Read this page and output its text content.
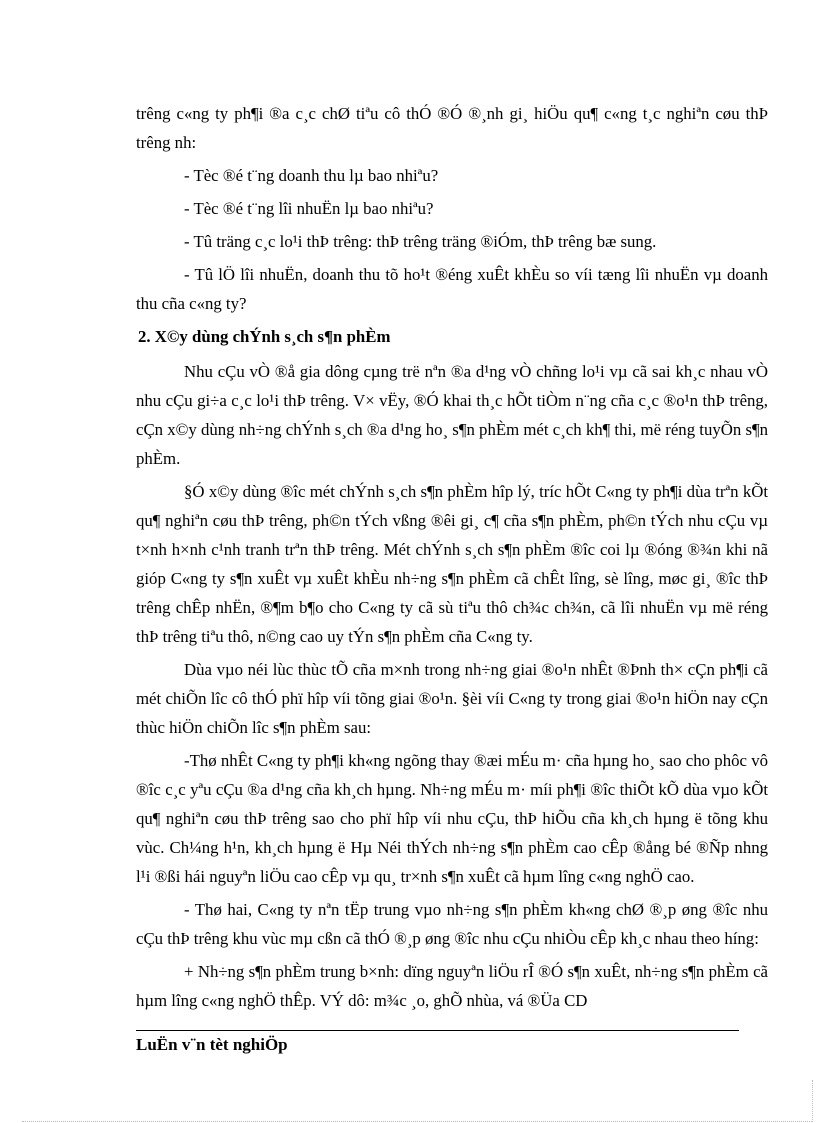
trêng c«ng ty ph¶i ®a c¸c chØ tiªu cô thÓ ®Ó ®¸nh gi¸ hiÖu qu¶ c«ng t¸c nghiªn cøu thÞ trêng nh:

- Tèc ®é t¨ng doanh thu lµ bao nhiªu?

- Tèc ®é t¨ng lîi nhuËn lµ bao nhiªu?

- Tû träng c¸c lo¹i thÞ trêng: thÞ trêng träng ®iÓm, thÞ trêng bæ sung.

- Tû lÖ lîi nhuËn, doanh thu tõ ho¹t ®éng xuÊt khÈu so víi tæng lîi nhuËn vµ doanh thu cña c«ng ty?

2. X©y dùng chÝnh s¸ch s¶n phÈm

Nhu cÇu vÒ ®å gia dông cµng trë nªn ®a d¹ng vÒ chñng lo¹i vµ cã sai kh¸c nhau vÒ nhu cÇu gi÷a c¸c lo¹i thÞ trêng. V× vËy, ®Ó khai th¸c hÕt tiÒm n¨ng cña c¸c ®o¹n thÞ trêng, cÇn x©y dùng nh÷ng chÝnh s¸ch ®a d¹ng ho¸ s¶n phÈm mét c¸ch kh¶ thi, më réng tuyÕn s¶n phÈm.

§Ó x©y dùng ®îc mét chÝnh s¸ch s¶n phÈm hîp lý, tríc hÕt C«ng ty ph¶i dùa trªn kÕt qu¶ nghiªn cøu thÞ trêng, ph©n tÝch vßng ®êi gi¸ c¶ cña s¶n phÈm, ph©n tÝch nhu cÇu vµ t×nh h×nh c¹nh tranh trªn thÞ trêng. Mét chÝnh s¸ch s¶n phÈm ®îc coi lµ ®óng ®¾n khi nã gióp C«ng ty s¶n xuÊt vµ xuÊt khÈu nh÷ng s¶n phÈm cã chÊt lîng, sè lîng, møc gi¸ ®îc thÞ trêng chÊp nhËn, ®¶m b¶o cho C«ng ty cã sù tiªu thô ch¾c ch¾n, cã lîi nhuËn vµ më réng thÞ trêng tiªu thô, n©ng cao uy tÝn s¶n phÈm cña C«ng ty.

Dùa vµo néi lùc thùc tÕ cña m×nh trong nh÷ng giai ®o¹n nhÊt ®Þnh th× cÇn ph¶i cã mét chiÕn lîc cô thÓ phï hîp víi tõng giai ®o¹n. §èi víi C«ng ty trong giai ®o¹n hiÖn nay cÇn thùc hiÖn chiÕn lîc s¶n phÈm sau:

-Thø nhÊt C«ng ty ph¶i kh«ng ngõng thay ®æi mÉu m· cña hµng ho¸ sao cho phôc vô ®îc c¸c yªu cÇu ®a d¹ng cña kh¸ch hµng. Nh÷ng mÉu m· míi ph¶i ®îc thiÕt kÕ dùa vµo kÕt qu¶ nghiªn cøu thÞ trêng sao cho phï hîp víi nhu cÇu, thÞ hiÕu cña kh¸ch hµng ë tõng khu vùc. Ch¼ng h¹n, kh¸ch hµng ë Hµ Néi thÝch nh÷ng s¶n phÈm cao cÊp ®ång bé ®Ñp nhng l¹i ®ßi hái nguyªn liÖu cao cÊp vµ qu¸ tr×nh s¶n xuÊt cã hµm lîng c«ng nghÖ cao.

- Thø hai, C«ng ty nªn tËp trung vµo nh÷ng s¶n phÈm kh«ng chØ ®¸p øng ®îc nhu cÇu thÞ trêng khu vùc mµ cßn cã thÓ ®¸p øng ®îc nhu cÇu nhiÒu cÊp kh¸c nhau theo híng:

+ Nh÷ng s¶n phÈm trung b×nh: dïng nguyªn liÖu rÎ ®Ó s¶n xuÊt, nh÷ng s¶n phÈm cã hµm lîng c«ng nghÖ thÊp. VÝ dô: m¾c ¸o, ghÕ nhùa, vá ®Üa CD

LuËn v¨n tèt nghiÖp
